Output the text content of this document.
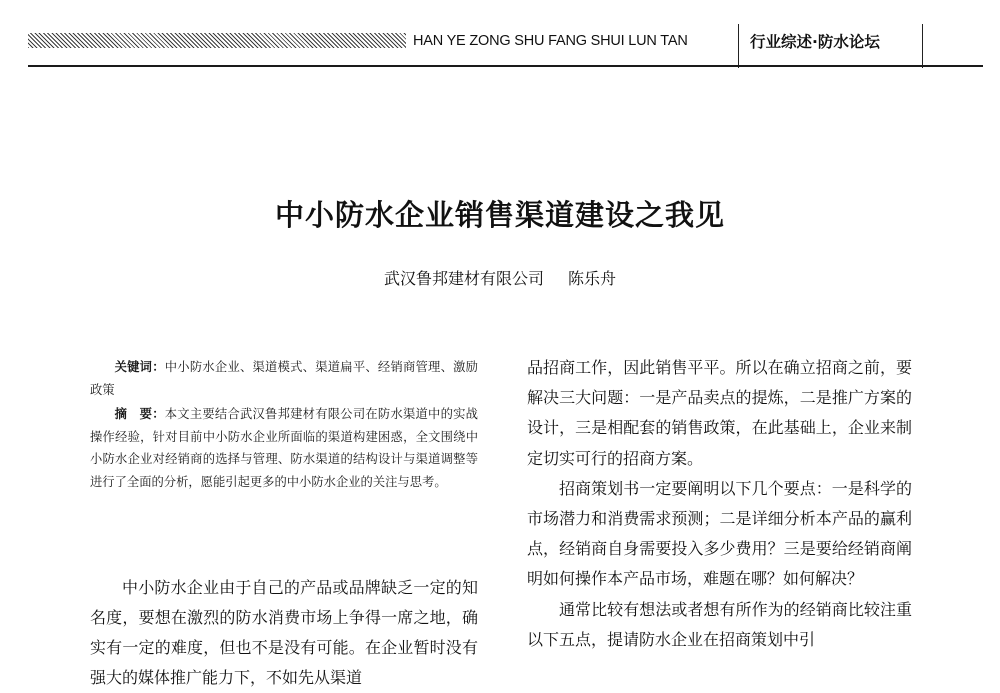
HAN YE ZONG SHU FANG SHUI LUN TAN	行业综述·防水论坛
中小防水企业销售渠道建设之我见
武汉鲁邦建材有限公司 陈乐舟

关键词：中小防水企业、渠道模式、渠道扁平、经销商管理、激励政策

摘　要：本文主要结合武汉鲁邦建材有限公司在防水渠道中的实战操作经验，针对目前中小防水企业所面临的渠道构建困惑，全文围绕中小防水企业对经销商的选择与管理、防水渠道的结构设计与渠道调整等进行了全面的分析，愿能引起更多的中小防水企业的关注与思考。

中小防水企业由于自己的产品或品牌缺乏一定的知名度，要想在激烈的防水消费市场上争得一席之地，确实有一定的难度，但也不是没有可能。在企业暂时没有强大的媒体推广能力下，不如先从渠道

品招商工作，因此销售平平。所以在确立招商之前，要解决三大问题：一是产品卖点的提炼，二是推广方案的设计，三是相配套的销售政策，在此基础上，企业来制定切实可行的招商方案。

招商策划书一定要阐明以下几个要点：一是科学的市场潜力和消费需求预测；二是详细分析本产品的赢利点，经销商自身需要投入多少费用？三是要给经销商阐明如何操作本产品市场，难题在哪？如何解决？

通常比较有想法或者想有所作为的经销商比较注重以下五点，提请防水企业在招商策划中引
